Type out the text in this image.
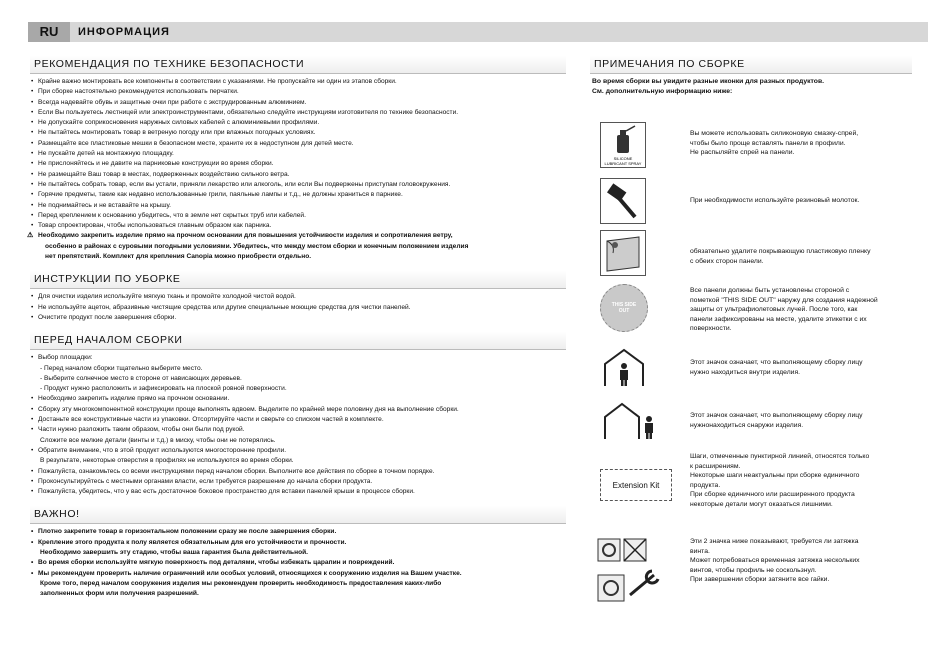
RU	ИНФОРМАЦИЯ
РЕКОМЕНДАЦИЯ ПО ТЕХНИКЕ БЕЗОПАСНОСТИ
• Крайне важно монтировать все компоненты в соответствии с указаниями. Не пропускайте ни один из этапов сборки.
• При сборке настоятельно рекомендуется использовать перчатки.
• Всегда надевайте обувь и защитные очки при работе с экструдированным алюминием.
• Если Вы пользуетесь лестницей или электроинструментами, обязательно следуйте инструкциям изготовителя по технике безопасности.
• Не допускайте соприкосновения наружных силовых кабелей с алюминиевыми профилями.
• Не пытайтесь монтировать товар в ветреную погоду или при влажных погодных условиях.
• Размещайте все пластиковые мешки в безопасном месте, храните их в недоступном для детей месте.
• Не пускайте детей на монтажную площадку.
• Не прислоняйтесь и не давите на парниковые конструкции во время сборки.
• Не размещайте Ваш товар в местах, подверженных воздействию сильного ветра.
• Не пытайтесь собрать товар, если вы устали, приняли лекарство или алкоголь, или если Вы подвержены приступам головокружения.
• Горячие предметы, такие как недавно использованные грили, паяльные лампы и т.д., не должны храниться в парнике.
• Не поднимайтесь и не вставайте на крышу.
• Перед креплением к основанию убедитесь, что в земле нет скрытых труб или кабелей.
• Товар спроектирован, чтобы использоваться главным образом как парника.
⚠ Необходимо закрепить изделие прямо на прочном основании для повышения устойчивости изделия и сопротивления ветру,
особенно в районах с суровыми погодными условиями. Убедитесь, что между местом сборки и конечным положением изделия
нет препятствий. Комплект для крепления Canopia можно приобрести отдельно.
ИНСТРУКЦИИ ПО УБОРКЕ
• Для очистки изделия используйте мягкую ткань и промойте холодной чистой водой.
• Не используйте ацетон, абразивные чистящие средства или другие специальные моющие средства для чистки панелей.
• Очистите продукт после завершения сборки.
ПЕРЕД НАЧАЛОМ СБОРКИ
• Выбор площадки:
- Перед началом сборки тщательно выберите место.
- Выберите солнечное место в стороне от нависающих деревьев.
- Продукт нужно расположить и зафиксировать на плоской ровной поверхности.
• Необходимо закрепить изделие прямо на прочном основании.
• Сборку эту многокомпонентной конструкции проще выполнять вдвоем. Выделите по крайней мере половину дня на выполнение сборки.
• Достаньте все конструктивные части из упаковки. Отсортируйте части и сверьте со списком частей в комплекте.
• Части нужно разложить таким образом, чтобы они были под рукой.
Сложите все мелкие детали (винты и т.д.) в миску, чтобы они не потерялись.
• Обратите внимание, что в этой продукт используются многосторонние профили.
В результате, некоторые отверстия в профилях не используются во время сборки.
• Пожалуйста, ознакомьтесь со всеми инструкциями перед началом сборки. Выполните все действия по сборке в точном порядке.
• Проконсультируйтесь с местными органами власти, если требуется разрешение до начала сборки продукта.
• Пожалуйста, убедитесь, что у вас есть достаточное боковое пространство для вставки панелей крыши в процессе сборки.
ВАЖНО!
• Плотно закрепите товар в горизонтальном положении сразу же после завершения сборки.
• Крепление этого продукта к полу является обязательным для его устойчивости и прочности.
Необходимо завершить эту стадию, чтобы ваша гарантия была действительной.
• Во время сборки используйте мягкую поверхность под деталями, чтобы избежать царапин и повреждений.
• Мы рекомендуем проверить наличие ограничений или особых условий, относящихся к сооружению изделия на Вашем участке.
Кроме того, перед началом сооружения изделия мы рекомендуем проверить необходимость предоставления каких-либо
заполненных форм или получения разрешений.
ПРИМЕЧАНИЯ ПО СБОРКЕ
Во время сборки вы увидите разные иконки для разных продуктов.
См. дополнительную информацию ниже:
SILICONE
LUBRICANT SPRAY
Вы можете использовать силиконовую смазку-спрей,
чтобы было проще вставлять панели в профили.
Не распыляйте спрей на панели.
При необходимости используйте резиновый молоток.
обязательно удалите покрывающую пластиковую пленку
с обеих сторон панели.
THIS SIDE
OUT
Все панели должны быть установлены стороной с
пометкой "THIS SIDE OUT" наружу для создания надежной
защиты от ультрафиолетовых лучей. После того, как
панели зафиксированы на месте, удалите этикетки с их
поверхности.
Этот значок означает, что выполняющему сборку лицу
нужно находиться внутри изделия.
Этот значок означает, что выполняющему сборку лицу
нужнонаходиться снаружи изделия.
Extension Kit
Шаги, отмеченные пунктирной линией, относятся только
к расширениям.
Некоторые шаги неактуальны при сборке единичного
продукта.
При сборке единичного или расширенного продукта
некоторые детали могут оказаться лишними.
Эти 2 значка ниже показывают, требуется ли затяжка
винта.
Может потребоваться временная затяжка нескольких
винтов, чтобы профиль не соскользнул.
При завершении сборки затяните все гайки.
